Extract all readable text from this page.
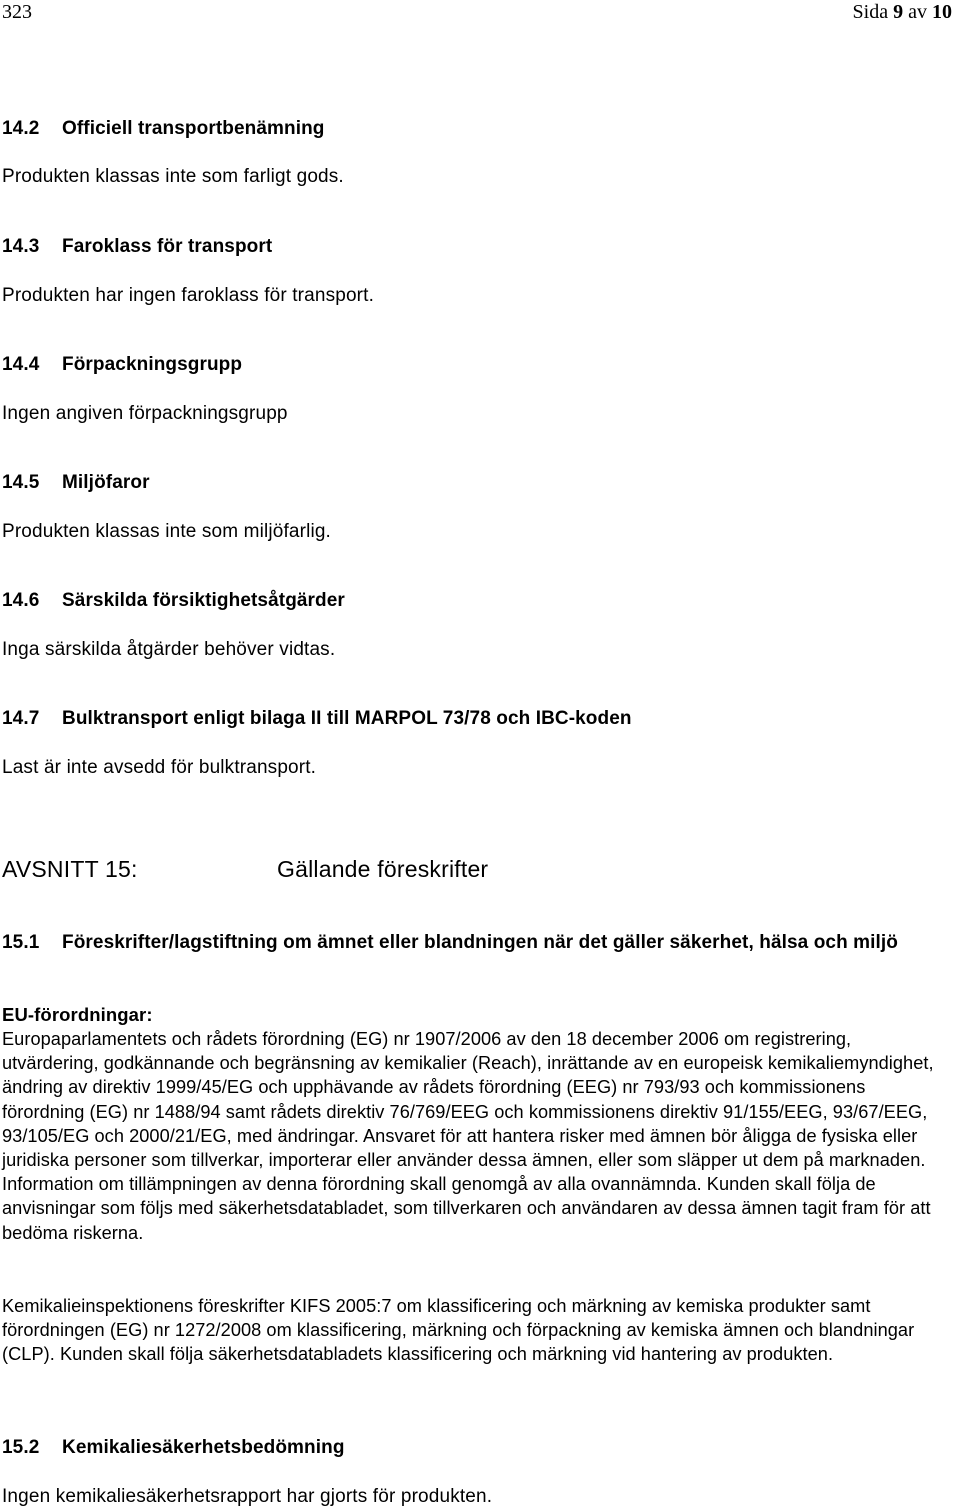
323	Sida 9 av 10
14.2 Officiell transportbenämning
Produkten klassas inte som farligt gods.
14.3 Faroklass för transport
Produkten har ingen faroklass för transport.
14.4 Förpackningsgrupp
Ingen angiven förpackningsgrupp
14.5 Miljöfaror
Produkten klassas inte som miljöfarlig.
14.6 Särskilda försiktighetsåtgärder
Inga särskilda åtgärder behöver vidtas.
14.7 Bulktransport enligt bilaga II till MARPOL 73/78 och IBC-koden
Last är inte avsedd för bulktransport.
AVSNITT 15:	Gällande föreskrifter
15.1	Föreskrifter/lagstiftning om ämnet eller blandningen när det gäller säkerhet, hälsa och miljö
EU-förordningar:

Europaparlamentets och rådets förordning (EG) nr 1907/2006 av den 18 december 2006 om registrering, utvärdering, godkännande och begränsning av kemikalier (Reach), inrättande av en europeisk kemikaliemyndighet, ändring av direktiv 1999/45/EG och upphävande av rådets förordning (EEG) nr 793/93 och kommissionens förordning (EG) nr 1488/94 samt rådets direktiv 76/769/EEG och kommissionens direktiv 91/155/EEG, 93/67/EEG, 93/105/EG och 2000/21/EG, med ändringar. Ansvaret för att hantera risker med ämnen bör åligga de fysiska eller juridiska personer som tillverkar, importerar eller använder dessa ämnen, eller som släpper ut dem på marknaden. Information om tillämpningen av denna förordning skall genomgå av alla ovannämnda. Kunden skall följa de anvisningar som följs med säkerhetsdatabladet, som tillverkaren och användaren av dessa ämnen tagit fram för att bedöma riskerna.

Kemikalieinspektionens föreskrifter KIFS 2005:7 om klassificering och märkning av kemiska produkter samt förordningen (EG) nr 1272/2008 om klassificering, märkning och förpackning av kemiska ämnen och blandningar (CLP). Kunden skall följa säkerhetsdatabladets klassificering och märkning vid hantering av produkten.

15.2 Kemikaliesäkerhetsbedömning
Ingen kemikaliesäkerhetsrapport har gjorts för produkten.
